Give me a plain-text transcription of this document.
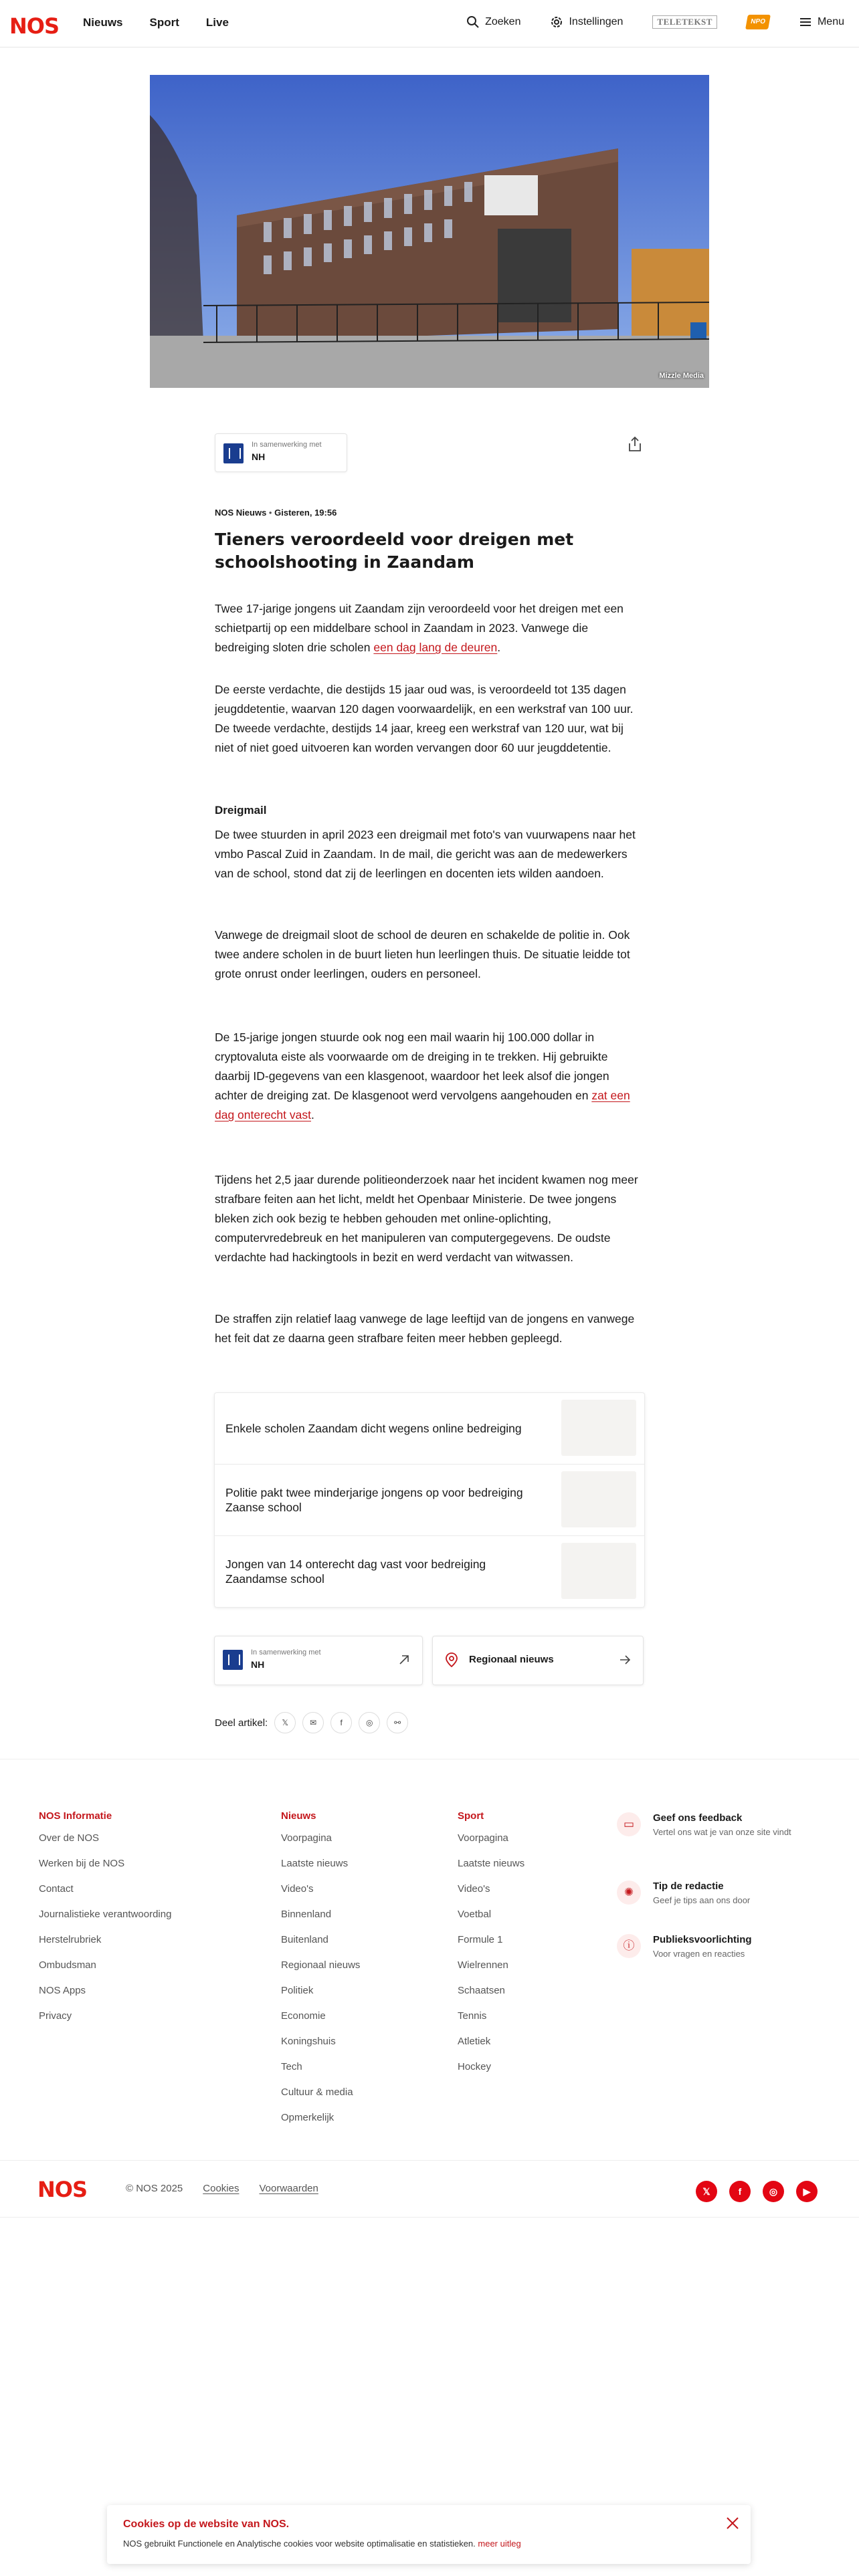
NOS Nieuws Sport Live	Zoeken	Instellingen	TELETEKST	NPO	Menu
Mizzle Media
In samenwerking met
NH
NOS Nieuws • Gisteren, 19:56
Tieners veroordeeld voor dreigen met schoolshooting in Zaandam

Twee 17-jarige jongens uit Zaandam zijn veroordeeld voor het dreigen met een schietpartij op een middelbare school in Zaandam in 2023. Vanwege die bedreiging sloten drie scholen een dag lang de deuren.

De eerste verdachte, die destijds 15 jaar oud was, is veroordeeld tot 135 dagen jeugddetentie, waarvan 120 dagen voorwaardelijk, en een werkstraf van 100 uur. De tweede verdachte, destijds 14 jaar, kreeg een werkstraf van 120 uur, wat bij niet of niet goed uitvoeren kan worden vervangen door 60 uur jeugddetentie.

Dreigmail

De twee stuurden in april 2023 een dreigmail met foto's van vuurwapens naar het vmbo Pascal Zuid in Zaandam. In de mail, die gericht was aan de medewerkers van de school, stond dat zij de leerlingen en docenten iets wilden aandoen.

Vanwege de dreigmail sloot de school de deuren en schakelde de politie in. Ook twee andere scholen in de buurt lieten hun leerlingen thuis. De situatie leidde tot grote onrust onder leerlingen, ouders en personeel.

De 15-jarige jongen stuurde ook nog een mail waarin hij 100.000 dollar in cryptovaluta eiste als voorwaarde om de dreiging in te trekken. Hij gebruikte daarbij ID-gegevens van een klasgenoot, waardoor het leek alsof die jongen achter de dreiging zat. De klasgenoot werd vervolgens aangehouden en zat een dag onterecht vast.

Tijdens het 2,5 jaar durende politieonderzoek naar het incident kwamen nog meer strafbare feiten aan het licht, meldt het Openbaar Ministerie. De twee jongens bleken zich ook bezig te hebben gehouden met online-oplichting, computervredebreuk en het manipuleren van computergegevens. De oudste verdachte had hackingtools in bezit en werd verdacht van witwassen.

De straffen zijn relatief laag vanwege de lage leeftijd van de jongens en vanwege het feit dat ze daarna geen strafbare feiten meer hebben gepleegd.

Enkele scholen Zaandam dicht wegens online bedreiging
Politie pakt twee minderjarige jongens op voor bedreiging Zaanse school
Jongen van 14 onterecht dag vast voor bedreiging Zaandamse school
In samenwerking met
NH	Regionaal nieuws
Deel artikel:	𝕏	✉	f	◎	⚯
NOS Informatie
Over de NOS
Werken bij de NOS
Contact
Journalistieke verantwoording
Herstelrubriek
Ombudsman
NOS Apps
Privacy
Nieuws
Voorpagina
Laatste nieuws
Video's
Binnenland
Buitenland
Regionaal nieuws
Politiek
Economie
Koningshuis
Tech
Cultuur & media
Opmerkelijk
Sport
Voorpagina
Laatste nieuws
Video's
Voetbal
Formule 1
Wielrennen
Schaatsen
Tennis
Atletiek
Hockey
▭	Geef ons feedback
Vertel ons wat je van onze site vindt
✺	Tip de redactie
Geef je tips aan ons door
ⓘ	Publieksvoorlichting
Voor vragen en reacties
NOS	© NOS 2025 Cookies Voorwaarden	𝕏	f	◎	▶
Cookies op de website van NOS.
NOS gebruikt Functionele en Analytische cookies voor website optimalisatie en statistieken. meer uitleg
